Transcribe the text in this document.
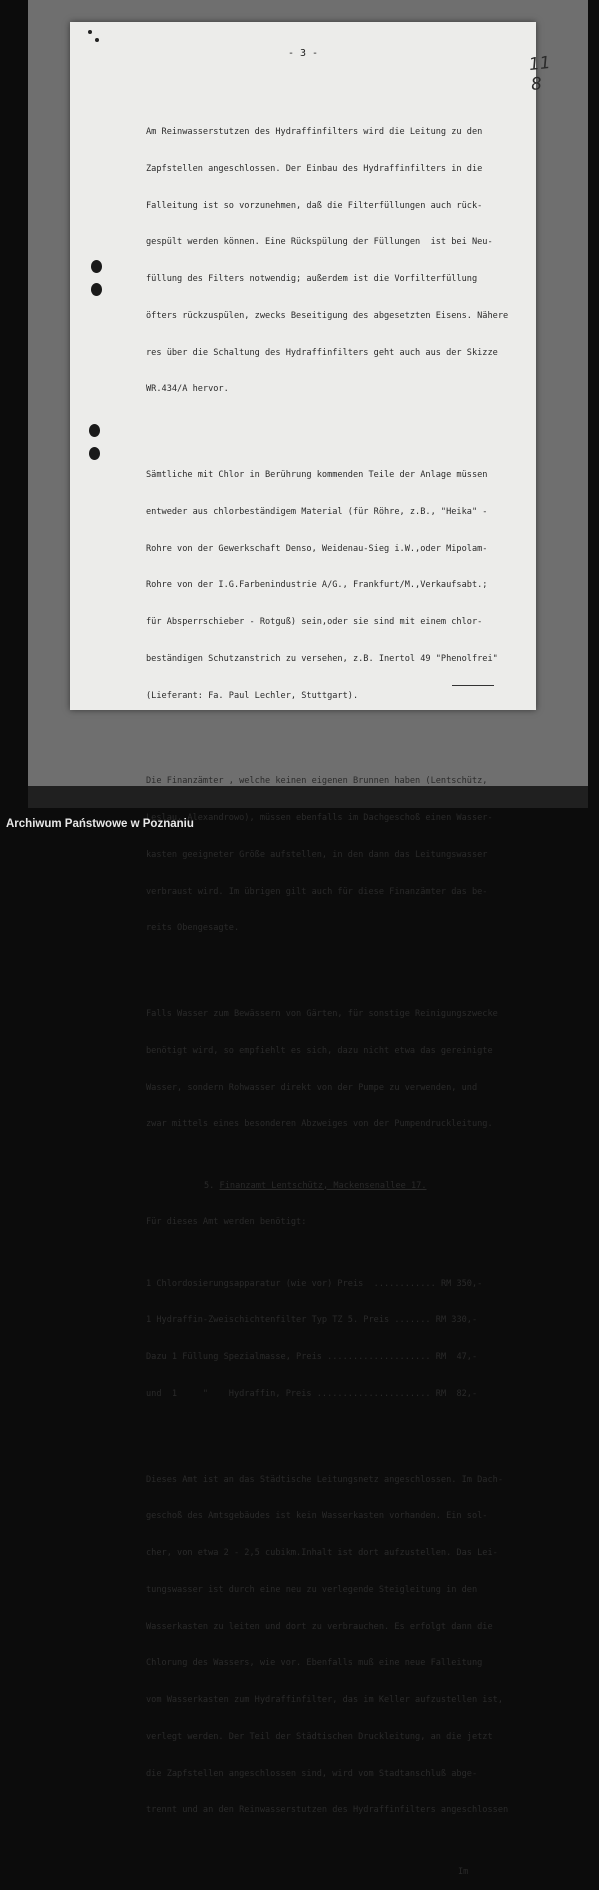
- 3 -	11 8

Am Reinwasserstutzen des Hydraffinfilters wird die Leitung zu den

Zapfstellen angeschlossen. Der Einbau des Hydraffinfilters in die

Falleitung ist so vorzunehmen, daß die Filterfüllungen auch rück-

gespült werden können. Eine Rückspülung der Füllungen  ist bei Neu-

füllung des Filters notwendig; außerdem ist die Vorfilterfüllung

öfters rückzuspülen, zwecks Beseitigung des abgesetzten Eisens. Nähere

res über die Schaltung des Hydraffinfilters geht auch aus der Skizze

WR.434/A hervor.

Sämtliche mit Chlor in Berührung kommenden Teile der Anlage müssen

entweder aus chlorbeständigem Material (für Röhre, z.B., "Heika" -

Rohre von der Gewerkschaft Denso, Weidenau-Sieg i.W.,oder Mipolam-

Rohre von der I.G.Farbenindustrie A/G., Frankfurt/M.,Verkaufsabt.;

für Absperrschieber - Rotguß) sein,oder sie sind mit einem chlor-

beständigen Schutzanstrich zu versehen, z.B. Inertol 49 "Phenolfrei"

(Lieferant: Fa. Paul Lechler, Stuttgart).

Die Finanzämter , welche keinen eigenen Brunnen haben (Lentschütz,

Leslau, Alexandrowo), müssen ebenfalls im Dachgeschoß einen Wasser-

kasten geeigneter Größe aufstellen, in den dann das Leitungswasser

verbraust wird. Im übrigen gilt auch für diese Finanzämter das be-

reits Obengesagte.

Falls Wasser zum Bewässern von Gärten, für sonstige Reinigungszwecke

benötigt wird, so empfiehlt es sich, dazu nicht etwa das gereinigte

Wasser, sondern Rohwasser direkt von der Pumpe zu verwenden, und

zwar mittels eines besonderen Abzweiges von der Pumpendruckleitung.

5. Finanzamt Lentschütz, Mackensenallee 17.

Für dieses Amt werden benötigt:

1 Chlordosierungsapparatur (wie vor) Preis  ............ RM 350,-

1 Hydraffin-Zweischichtenfilter Typ TZ 5. Preis ....... RM 330,-

Dazu 1 Füllung Spezialmasse, Preis .................... RM  47,-

und  1     "    Hydraffin, Preis ...................... RM  82,-

Dieses Amt ist an das Städtische Leitungsnetz angeschlossen. Im Dach-

geschoß des Amtsgebäudes ist kein Wasserkasten vorhanden. Ein sol-

cher, von etwa 2 - 2,5 cubikm.Inhalt ist dort aufzustellen. Das Lei-

tungswasser ist durch eine neu zu verlegende Steigleitung in den

Wasserkasten zu leiten und dort zu verbrauchen. Es erfolgt dann die

Chlorung des Wassers, wie vor. Ebenfalls muß eine neue Falleitung

vom Wasserkasten zum Hydraffinfilter, das im Keller aufzustellen ist,

verlegt werden. Der Teil der Städtischen Druckleitung, an die jetzt

die Zapfstellen angeschlossen sind, wird vom Stadtanschluß abge-

trennt und an den Reinwasserstutzen des Hydraffinfilters angeschlossen

Im

Archiwum Państwowe w Poznaniu
